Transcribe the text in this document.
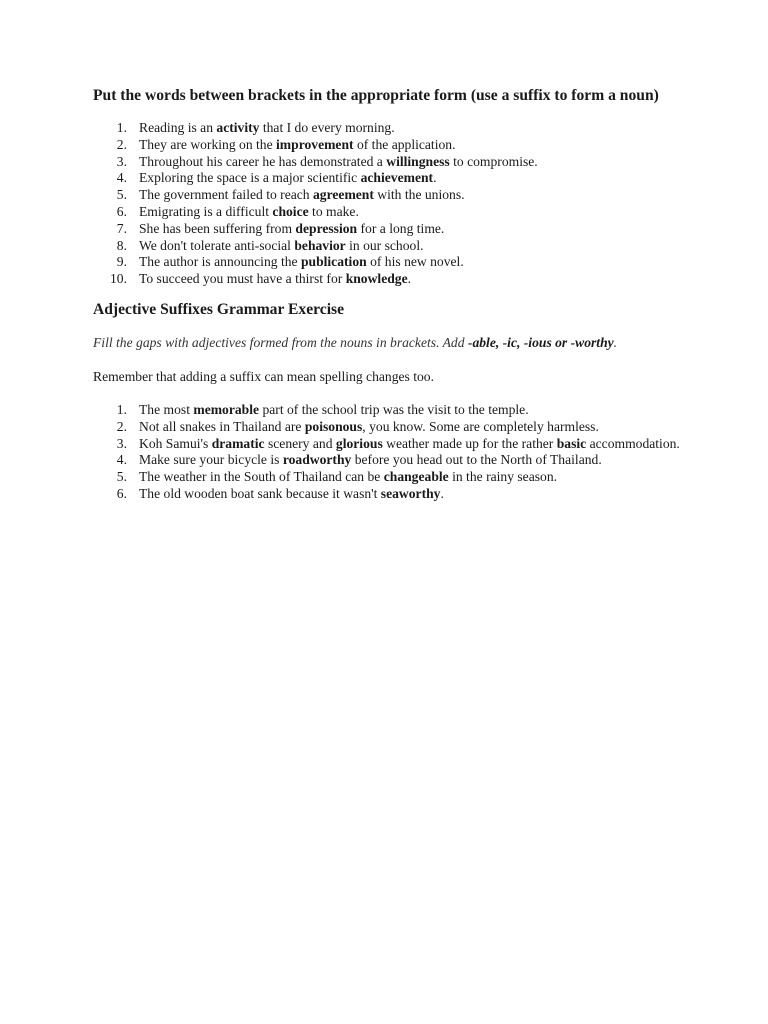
Put the words between brackets in the appropriate form (use a suffix to form a noun)
1. Reading is an activity that I do every morning.
2. They are working on the improvement of the application.
3. Throughout his career he has demonstrated a willingness to compromise.
4. Exploring the space is a major scientific achievement.
5. The government failed to reach agreement with the unions.
6. Emigrating is a difficult choice to make.
7. She has been suffering from depression for a long time.
8. We don't tolerate anti-social behavior in our school.
9. The author is announcing the publication of his new novel.
10. To succeed you must have a thirst for knowledge.
Adjective Suffixes Grammar Exercise

Fill the gaps with adjectives formed from the nouns in brackets. Add -able, -ic, -ious or -worthy.

Remember that adding a suffix can mean spelling changes too.

1. The most memorable part of the school trip was the visit to the temple.
2. Not all snakes in Thailand are poisonous, you know. Some are completely harmless.
3. Koh Samui's dramatic scenery and glorious weather made up for the rather basic accommodation.
4. Make sure your bicycle is roadworthy before you head out to the North of Thailand.
5. The weather in the South of Thailand can be changeable in the rainy season.
6. The old wooden boat sank because it wasn't seaworthy.
